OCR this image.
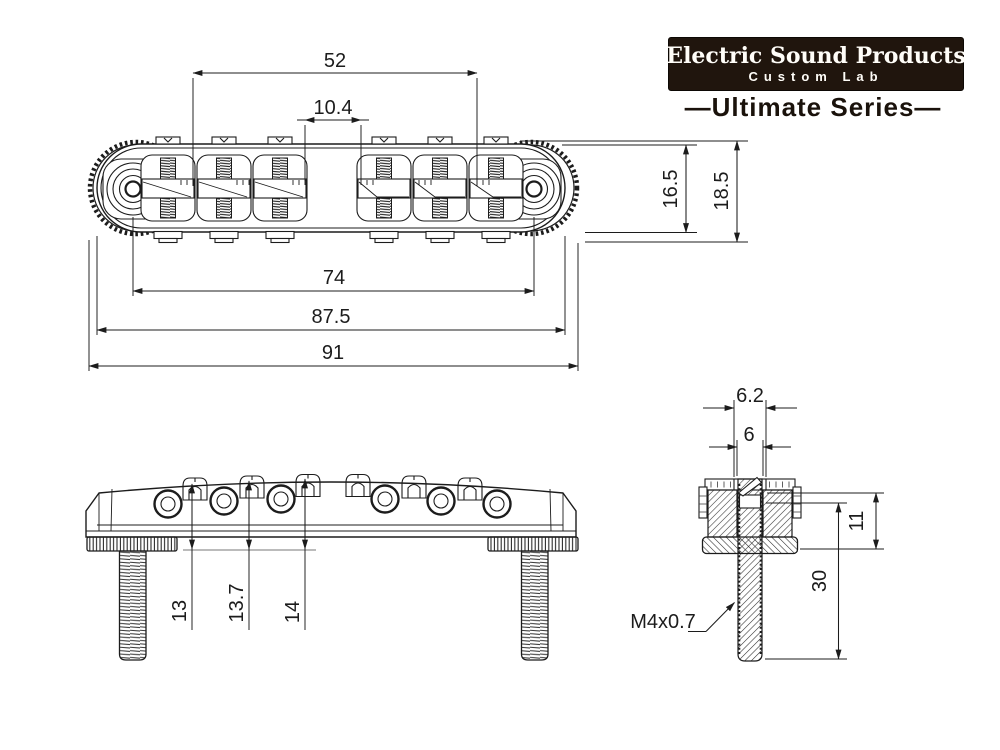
52
10.4
16.5 18.5
74
87.5
91
13 13.7 14
6.2
6
11
30
M4x0.7
Electric Sound Products
Custom Lab
—Ultimate Series—
